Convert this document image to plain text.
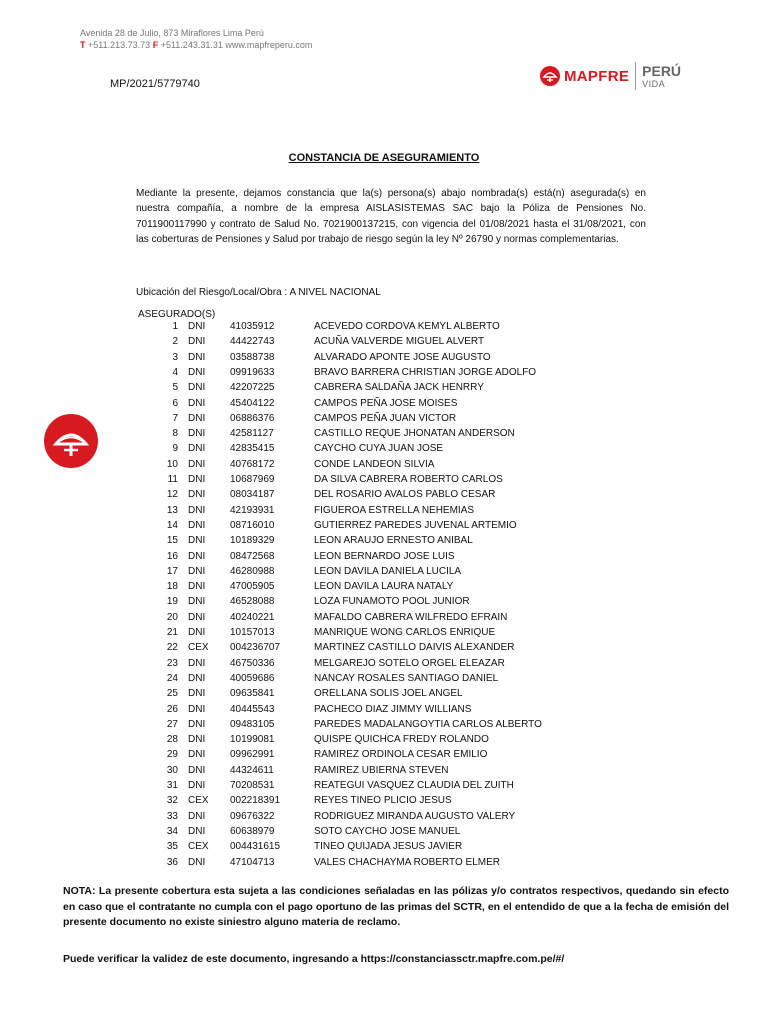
Avenida 28 de Julio, 873 Miraflores Lima Perú
T +511.213.73.73 F +511.243.31.31 www.mapfreperu.com
MP/2021/5779740	MAPFRE PERÚ
VIDA
CONSTANCIA DE ASEGURAMIENTO
Mediante la presente, dejamos constancia que la(s) persona(s) abajo nombrada(s) está(n) asegurada(s) en nuestra compañía, a nombre de la empresa AISLASISTEMAS SAC bajo la Póliza de Pensiones No. 7011900117990 y contrato de Salud No. 7021900137215, con vigencia del 01/08/2021 hasta el 31/08/2021, con las coberturas de Pensiones y Salud por trabajo de riesgo según la ley Nº 26790 y normas complementarias.
Ubicación del Riesgo/Local/Obra : A NIVEL NACIONAL
ASEGURADO(S)
1 DNI 41035912	ACEVEDO CORDOVA KEMYL ALBERTO
2 DNI 44422743	ACUÑA VALVERDE MIGUEL ALVERT
3 DNI 03588738	ALVARADO APONTE JOSE AUGUSTO
4 DNI 09919633	BRAVO BARRERA CHRISTIAN JORGE ADOLFO
5 DNI 42207225	CABRERA SALDAÑA JACK HENRRY
6 DNI 45404122	CAMPOS PEÑA JOSE MOISES
7 DNI 06886376	CAMPOS PEÑA JUAN VICTOR
8 DNI 42581127	CASTILLO REQUE JHONATAN ANDERSON
9 DNI 42835415	CAYCHO CUYA JUAN JOSE
10 DNI 40768172	CONDE LANDEON SILVIA
11 DNI 10687969	DA SILVA CABRERA ROBERTO CARLOS
12 DNI 08034187	DEL ROSARIO AVALOS PABLO CESAR
13 DNI 42193931	FIGUEROA ESTRELLA NEHEMIAS
14 DNI 08716010	GUTIERREZ PAREDES JUVENAL ARTEMIO
15 DNI 10189329	LEON ARAUJO ERNESTO ANIBAL
16 DNI 08472568	LEON BERNARDO JOSE LUIS
17 DNI 46280988	LEON DAVILA DANIELA LUCILA
18 DNI 47005905	LEON DAVILA LAURA NATALY
19 DNI 46528088	LOZA FUNAMOTO POOL JUNIOR
20 DNI 40240221	MAFALDO CABRERA WILFREDO EFRAIN
21 DNI 10157013	MANRIQUE WONG CARLOS ENRIQUE
22 CEX 004236707	MARTINEZ CASTILLO DAIVIS ALEXANDER
23 DNI 46750336	MELGAREJO SOTELO ORGEL ELEAZAR
24 DNI 40059686	NANCAY ROSALES SANTIAGO DANIEL
25 DNI 09635841	ORELLANA SOLIS JOEL ANGEL
26 DNI 40445543	PACHECO DIAZ JIMMY WILLIANS
27 DNI 09483105	PAREDES MADALANGOYTIA CARLOS ALBERTO
28 DNI 10199081	QUISPE QUICHCA FREDY ROLANDO
29 DNI 09962991	RAMIREZ ORDINOLA CESAR EMILIO
30 DNI 44324611	RAMIREZ UBIERNA STEVEN
31 DNI 70208531	REATEGUI VASQUEZ CLAUDIA DEL ZUITH
32 CEX 002218391	REYES TINEO PLICIO JESUS
33 DNI 09676322	RODRIGUEZ MIRANDA AUGUSTO VALERY
34 DNI 60638979	SOTO CAYCHO JOSE MANUEL
35 CEX 004431615	TINEO QUIJADA JESUS JAVIER
36 DNI 47104713	VALES CHACHAYMA ROBERTO ELMER
NOTA: La presente cobertura esta sujeta a las condiciones señaladas en las pólizas y/o contratos respectivos, quedando sin efecto en caso que el contratante no cumpla con el pago oportuno de las primas del SCTR, en el entendido de que a la fecha de emisión del presente documento no existe siniestro alguno materia de reclamo.
Puede verificar la validez de este documento, ingresando a https://constanciassctr.mapfre.com.pe/#/
